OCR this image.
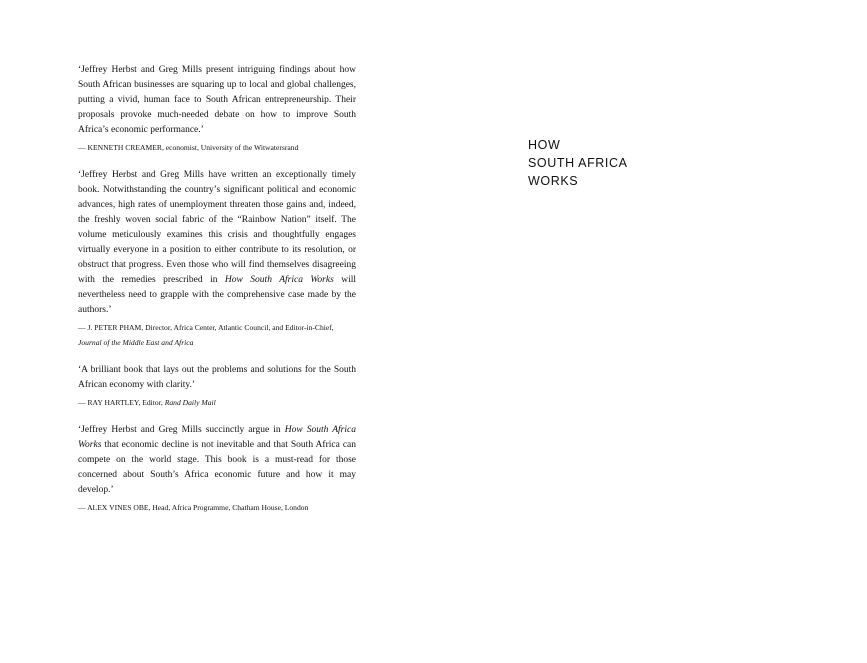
‘Jeffrey Herbst and Greg Mills present intriguing findings about how South African businesses are squaring up to local and global challenges, putting a vivid, human face to South African entrepreneurship. Their proposals provoke much-needed debate on how to improve South Africa’s economic performance.’

— KENNETH CREAMER, economist, University of the Witwatersrand

‘Jeffrey Herbst and Greg Mills have written an exceptionally timely book. Notwithstanding the country’s significant political and economic advances, high rates of unemployment threaten those gains and, indeed, the freshly woven social fabric of the “Rainbow Nation” itself. The volume meticulously examines this crisis and thoughtfully engages virtually everyone in a position to either contribute to its resolution, or obstruct that progress. Even those who will find themselves disagreeing with the remedies prescribed in How South Africa Works will nevertheless need to grapple with the comprehensive case made by the authors.’

— J. PETER PHAM, Director, Africa Center, Atlantic Council, and Editor-in-Chief, Journal of the Middle East and Africa

‘A brilliant book that lays out the problems and solutions for the South African economy with clarity.’

— RAY HARTLEY, Editor, Rand Daily Mail

‘Jeffrey Herbst and Greg Mills succinctly argue in How South Africa Works that economic decline is not inevitable and that South Africa can compete on the world stage. This book is a must-read for those concerned about South’s Africa economic future and how it may develop.’

— ALEX VINES OBE, Head, Africa Programme, Chatham House, London

HOW
SOUTH AFRICA
WORKS
